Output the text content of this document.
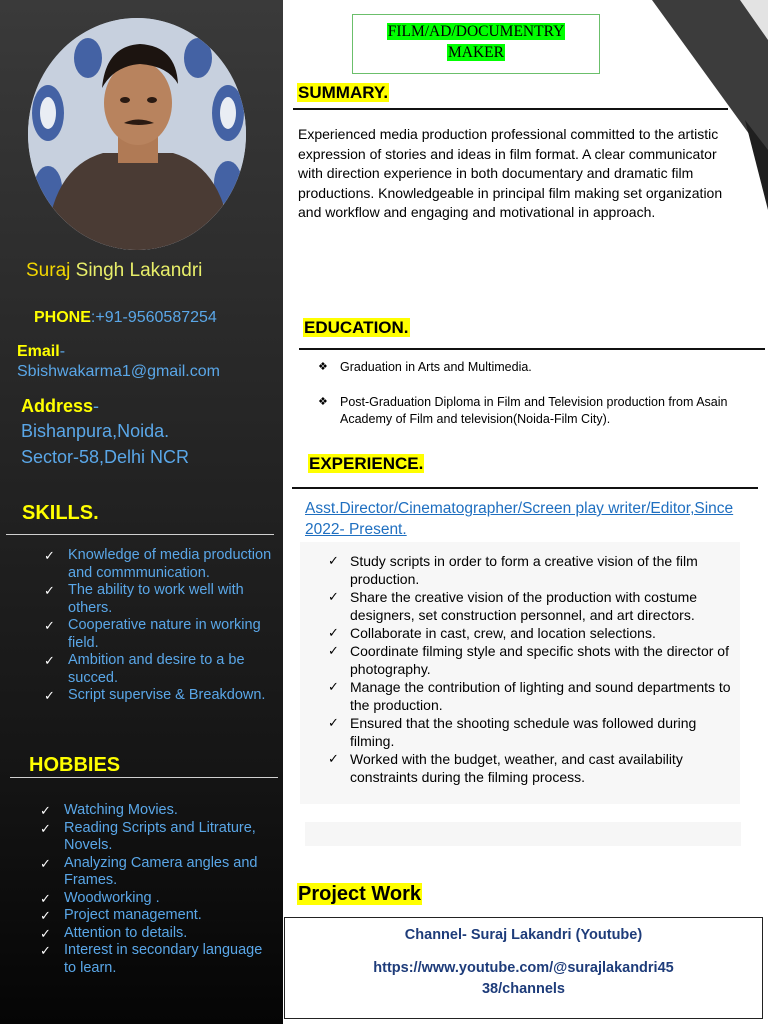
Suraj Singh Lakandri

PHONE:+91-9560587254
Email-
Sbishwakarma1@gmail.com
Address-
Bishanpura,Noida.
Sector-58,Delhi NCR
SKILLS.
✓ Knowledge of media production and commmunication.
✓ The ability to work well with others.
✓ Cooperative nature in working field.
✓ Ambition and desire to a be succed.
✓ Script supervise & Breakdown.
HOBBIES
✓ Watching Movies.
✓ Reading Scripts and Litrature, Novels.
✓ Analyzing Camera angles and Frames.
✓ Woodworking .
✓ Project management.
✓ Attention to details.
✓ Interest in secondary language to learn.
FILM/AD/DOCUMENTRY
MAKER
SUMMARY.

Experienced media production professional committed to the artistic expression of stories and ideas in film format. A clear communicator with direction experience in both documentary and dramatic film productions. Knowledgeable in principal film making set organization and workflow and engaging and motivational in approach.

EDUCATION.
❖ Graduation in Arts and Multimedia.
❖ Post-Graduation Diploma in Film and Television production from Asain Academy of Film and television(Noida-Film City).
EXPERIENCE.

Asst.Director/Cinematographer/Screen play writer/Editor,Since 2022- Present.

✓ Study scripts in order to form a creative vision of the film production.
✓ Share the creative vision of the production with costume designers, set construction personnel, and art directors.
✓ Collaborate in cast, crew, and location selections.
✓ Coordinate filming style and specific shots with the director of photography.
✓ Manage the contribution of lighting and sound departments to the production.
✓ Ensured that the shooting schedule was followed during filming.
✓ Worked with the budget, weather, and cast availability constraints during the filming process.
Project Work

Channel- Suraj Lakandri (Youtube)

https://www.youtube.com/@surajlakandri45

38/channels
